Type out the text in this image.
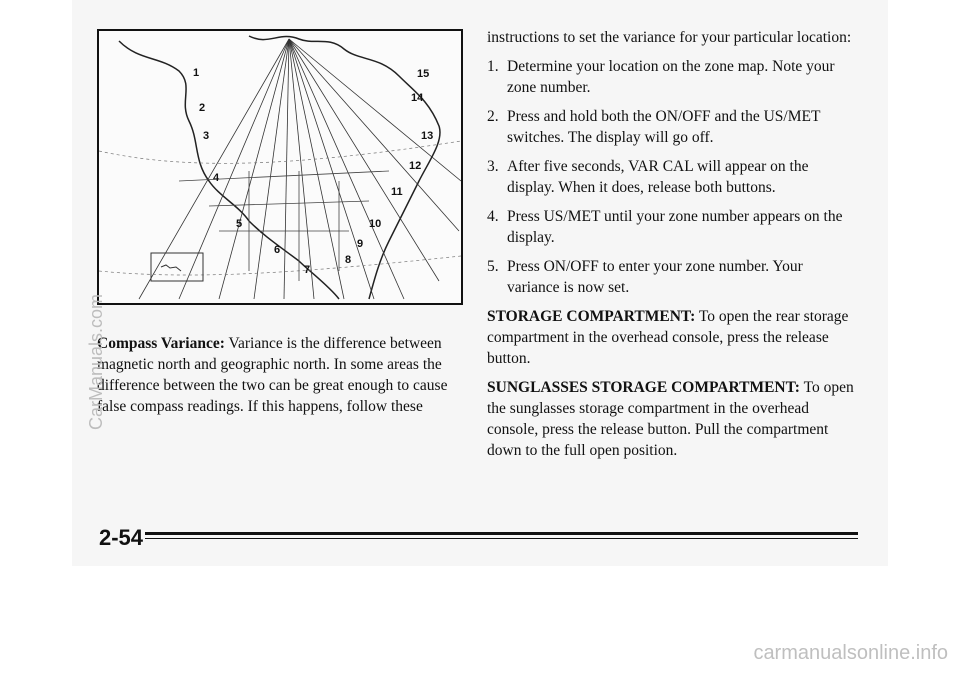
1
2
3
4
5
6
7
8
9
10
11
12
13
14
15

Compass Variance: Variance is the difference between magnetic north and geographic north. In some areas the difference between the two can be great enough to cause false compass readings. If this happens, follow these

instructions to set the variance for your particular location:

1. Determine your location on the zone map. Note your zone number.
2. Press and hold both the ON/OFF and the US/MET switches. The display will go off.
3. After five seconds, VAR CAL will appear on the display. When it does, release both buttons.
4. Press US/MET until your zone number appears on the display.
5. Press ON/OFF to enter your zone number. Your variance is now set.

STORAGE COMPARTMENT: To open the rear storage compartment in the overhead console, press the release button.

SUNGLASSES STORAGE COMPARTMENT: To open the sunglasses storage compartment in the overhead console, press the release button. Pull the compartment down to the full open position.

2-54
CarManuals.com
carmanualsonline.info
